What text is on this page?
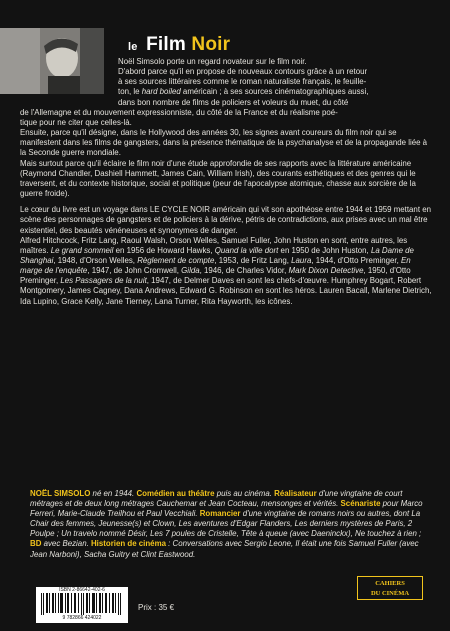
le Film Noir

Noël Simsolo porte un regard novateur sur le film noir.

D'abord parce qu'il en propose de nouveaux contours grâce à un retour

à ses sources littéraires comme le roman naturaliste français, le feuille-

ton, le hard boiled américain ; à ses sources cinématographiques aussi,

dans bon nombre de films de policiers et voleurs du muet, du côté

de l'Allemagne et du mouvement expressionniste, du côté de la France et du réalisme poé-

tique pour ne citer que celles-là.

Ensuite, parce qu'il désigne, dans le Hollywood des années 30, les signes avant coureurs du film noir qui se manifestent dans les films de gangsters, dans la présence thématique de la psychanalyse et de la propagande liée à la Seconde guerre mondiale.

Mais surtout parce qu'il éclaire le film noir d'une étude approfondie de ses rapports avec la littérature américaine (Raymond Chandler, Dashiell Hammett, James Cain, William Irish), des courants esthétiques et des genres qui le traversent, et du contexte historique, social et politique (peur de l'apocalypse atomique, chasse aux sorcière de la guerre froide).

Le cœur du livre est un voyage dans LE CYCLE NOIR américain qui vit son apothéose entre 1944 et 1959 mettant en scène des personnages de gangsters et de policiers à la dérive, pétris de contradictions, aux prises avec un mal être existentiel, des beautés vénéneuses et synonymes de danger.

Alfred Hitchcock, Fritz Lang, Raoul Walsh, Orson Welles, Samuel Fuller, John Huston en sont, entre autres, les maîtres. Le grand sommeil en 1956 de Howard Hawks, Quand la ville dort en 1950 de John Huston, La Dame de Shanghai, 1948, d'Orson Welles, Règlement de compte, 1953, de Fritz Lang, Laura, 1944, d'Otto Preminger, En marge de l'enquête, 1947, de John Cromwell, Gilda, 1946, de Charles Vidor, Mark Dixon Detective, 1950, d'Otto Preminger, Les Passagers de la nuit, 1947, de Delmer Daves en sont les chefs-d'œuvre. Humphrey Bogart, Robert Montgomery, James Cagney, Dana Andrews, Edward G. Robinson en sont les héros. Lauren Bacall, Marlene Dietrich, Ida Lupino, Grace Kelly, Jane Tierney, Lana Turner, Rita Hayworth, les icônes.

NOËL SIMSOLO né en 1944. Comédien au théâtre puis au cinéma. Réalisateur d'une vingtaine de court métrages et de deux long métrages Cauchemar et Jean Cocteau, mensonges et vérités. Scénariste pour Marco Ferreri, Marie-Claude Treilhou et Paul Vecchiali. Romancier d'une vingtaine de romans noirs ou autres, dont La Chair des femmes, Jeunesse(s) et Clown, Les aventures d'Edgar Flanders, Les derniers mystères de Paris, 2 Poulpe ; Un travelo nommé Désir, Les 7 poules de Cristelle, Tête à queue (avec Daeninckx), Ne touchez à rien ; BD avec Bezian. Historien de cinéma : Conversations avec Sergio Leone, Il était une fois Samuel Fuller (avec Jean Narboni), Sacha Guitry et Clint Eastwood.
ISBN 2-86642-402-6
9 782866 424022
Prix : 35 €
CAHIERS
DU CINÉMA
